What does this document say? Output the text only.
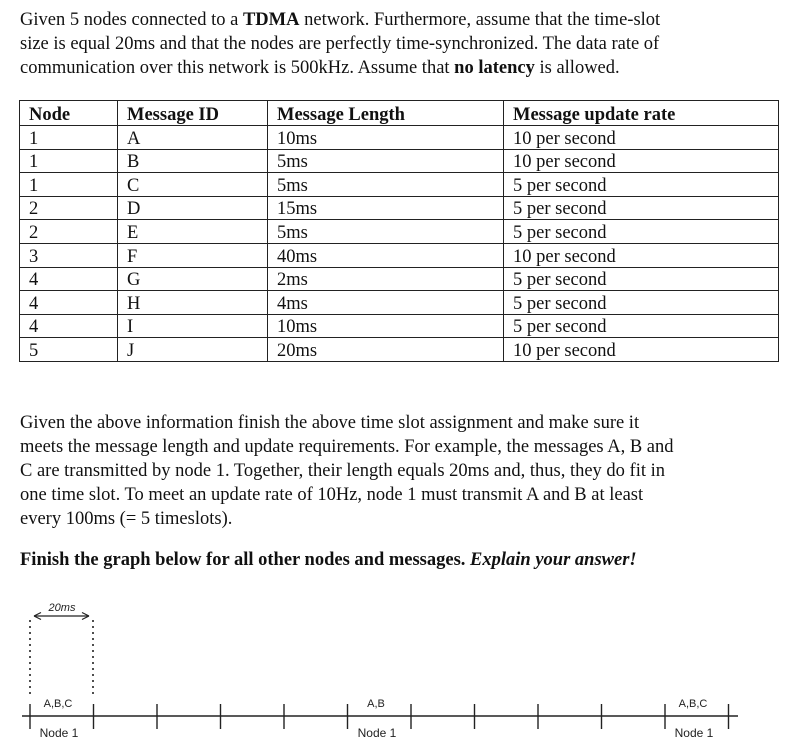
Given 5 nodes connected to a TDMA network. Furthermore, assume that the time-slot

size is equal 20ms and that the nodes are perfectly time-synchronized. The data rate of

communication over this network is 500kHz. Assume that no latency is allowed.

Node	Message ID	Message Length	Message update rate
1	A	10ms	10 per second
1	B	5ms	10 per second
1	C	5ms	5 per second
2	D	15ms	5 per second
2	E	5ms	5 per second
3	F	40ms	10 per second
4	G	2ms	5 per second
4	H	4ms	5 per second
4	I	10ms	5 per second
5	J	20ms	10 per second

Given the above information finish the above time slot assignment and make sure it

meets the message length and update requirements. For example, the messages A, B and

C are transmitted by node 1. Together, their length equals 20ms and, thus, they do fit in

one time slot. To meet an update rate of 10Hz, node 1 must transmit A and B at least

every 100ms (= 5 timeslots).

Finish the graph below for all other nodes and messages. Explain your answer!

20ms
A,B,C	A,B	A,B,C
Node 1	Node 1	Node 1
